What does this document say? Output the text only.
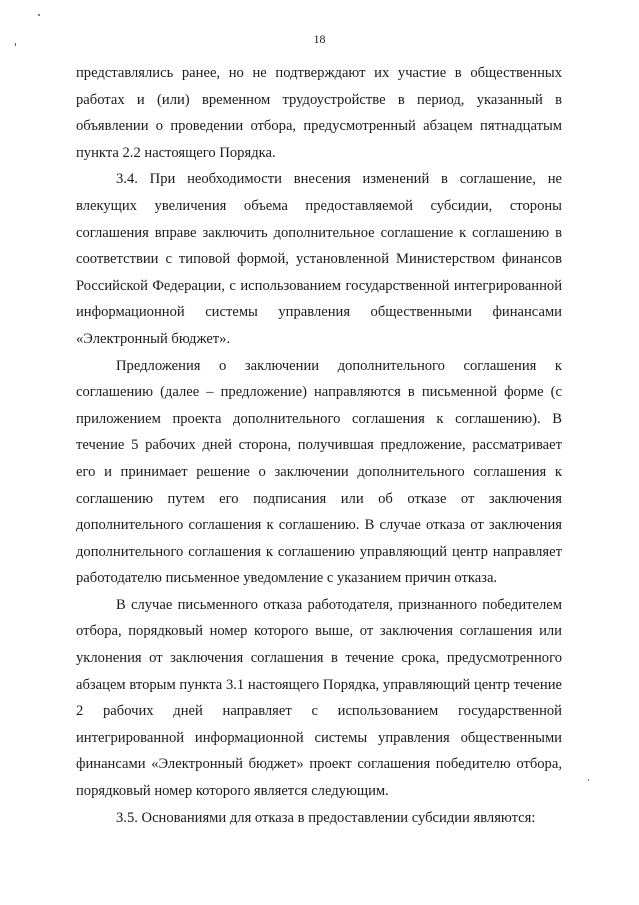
18

представлялись ранее, но не подтверждают их участие в общественных работах и (или) временном трудоустройстве в период, указанный в объявлении о проведении отбора, предусмотренный абзацем пятнадцатым пункта 2.2 настоящего Порядка.

3.4. При необходимости внесения изменений в соглашение, не влекущих увеличения объема предоставляемой субсидии, стороны соглашения вправе заключить дополнительное соглашение к соглашению в соответствии с типовой формой, установленной Министерством финансов Российской Федерации, с использованием государственной интегрированной информационной системы управления общественными финансами «Электронный бюджет».

Предложения о заключении дополнительного соглашения к соглашению (далее – предложение) направляются в письменной форме (с приложением проекта дополнительного соглашения к соглашению). В течение 5 рабочих дней сторона, получившая предложение, рассматривает его и принимает решение о заключении дополнительного соглашения к соглашению путем его подписания или об отказе от заключения дополнительного соглашения к соглашению. В случае отказа от заключения дополнительного соглашения к соглашению управляющий центр направляет работодателю письменное уведомление с указанием причин отказа.

В случае письменного отказа работодателя, признанного победителем отбора, порядковый номер которого выше, от заключения соглашения или уклонения от заключения соглашения в течение срока, предусмотренного абзацем вторым пункта 3.1 настоящего Порядка, управляющий центр течение 2 рабочих дней направляет с использованием государственной интегрированной информационной системы управления общественными финансами «Электронный бюджет» проект соглашения победителю отбора, порядковый номер которого является следующим.

3.5. Основаниями для отказа в предоставлении субсидии являются:
